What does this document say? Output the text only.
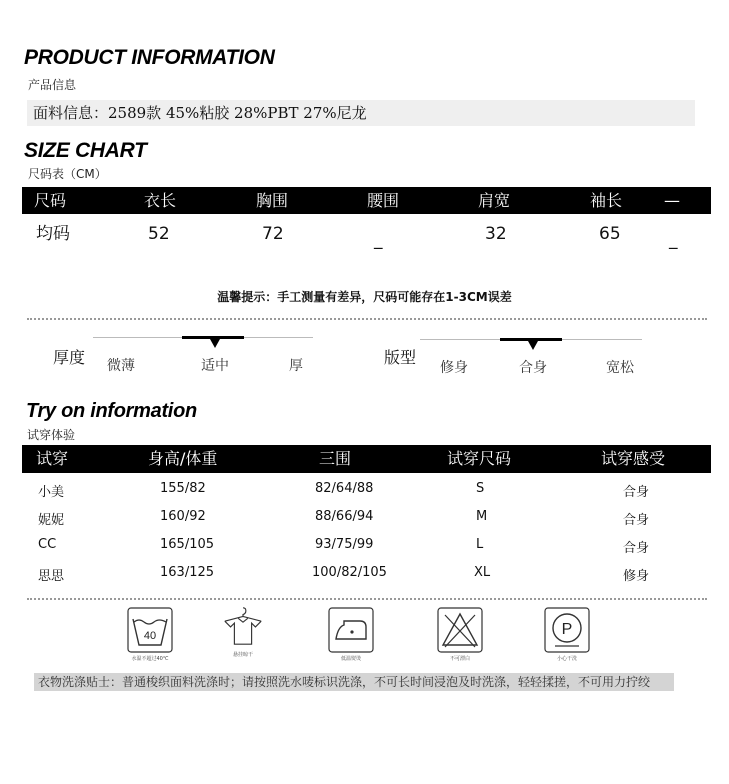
PRODUCT INFORMATION
产品信息
面料信息：2589款 45%粘胶 28%PBT 27%尼龙
SIZE CHART
尺码表（CM）
尺码	衣长	胸围	腰围	肩宽	袖长	—
均码	52	72	_	32	65	_
温馨提示：手工测量有差异，尺码可能存在1-3CM误差
厚度 微薄	适中	厚	版型
修身	合身	宽松
Try on information
试穿体验
试穿	身高/体重	三围	试穿尺码	试穿感受
小美	155/82	82/64/88	S	合身
妮妮	160/92	88/66/94	M	合身
CC	165/105	93/75/99	L	合身
思思	163/125	100/82/105	XL	修身
40
水温不超过40℃
悬挂晾干
低温熨烫	不可漂白
P
小心干洗
衣物洗涤贴士：普通梭织面料洗涤时；请按照洗水唛标识洗涤，不可长时间浸泡及时洗涤，轻轻揉搓，不可用力拧绞
